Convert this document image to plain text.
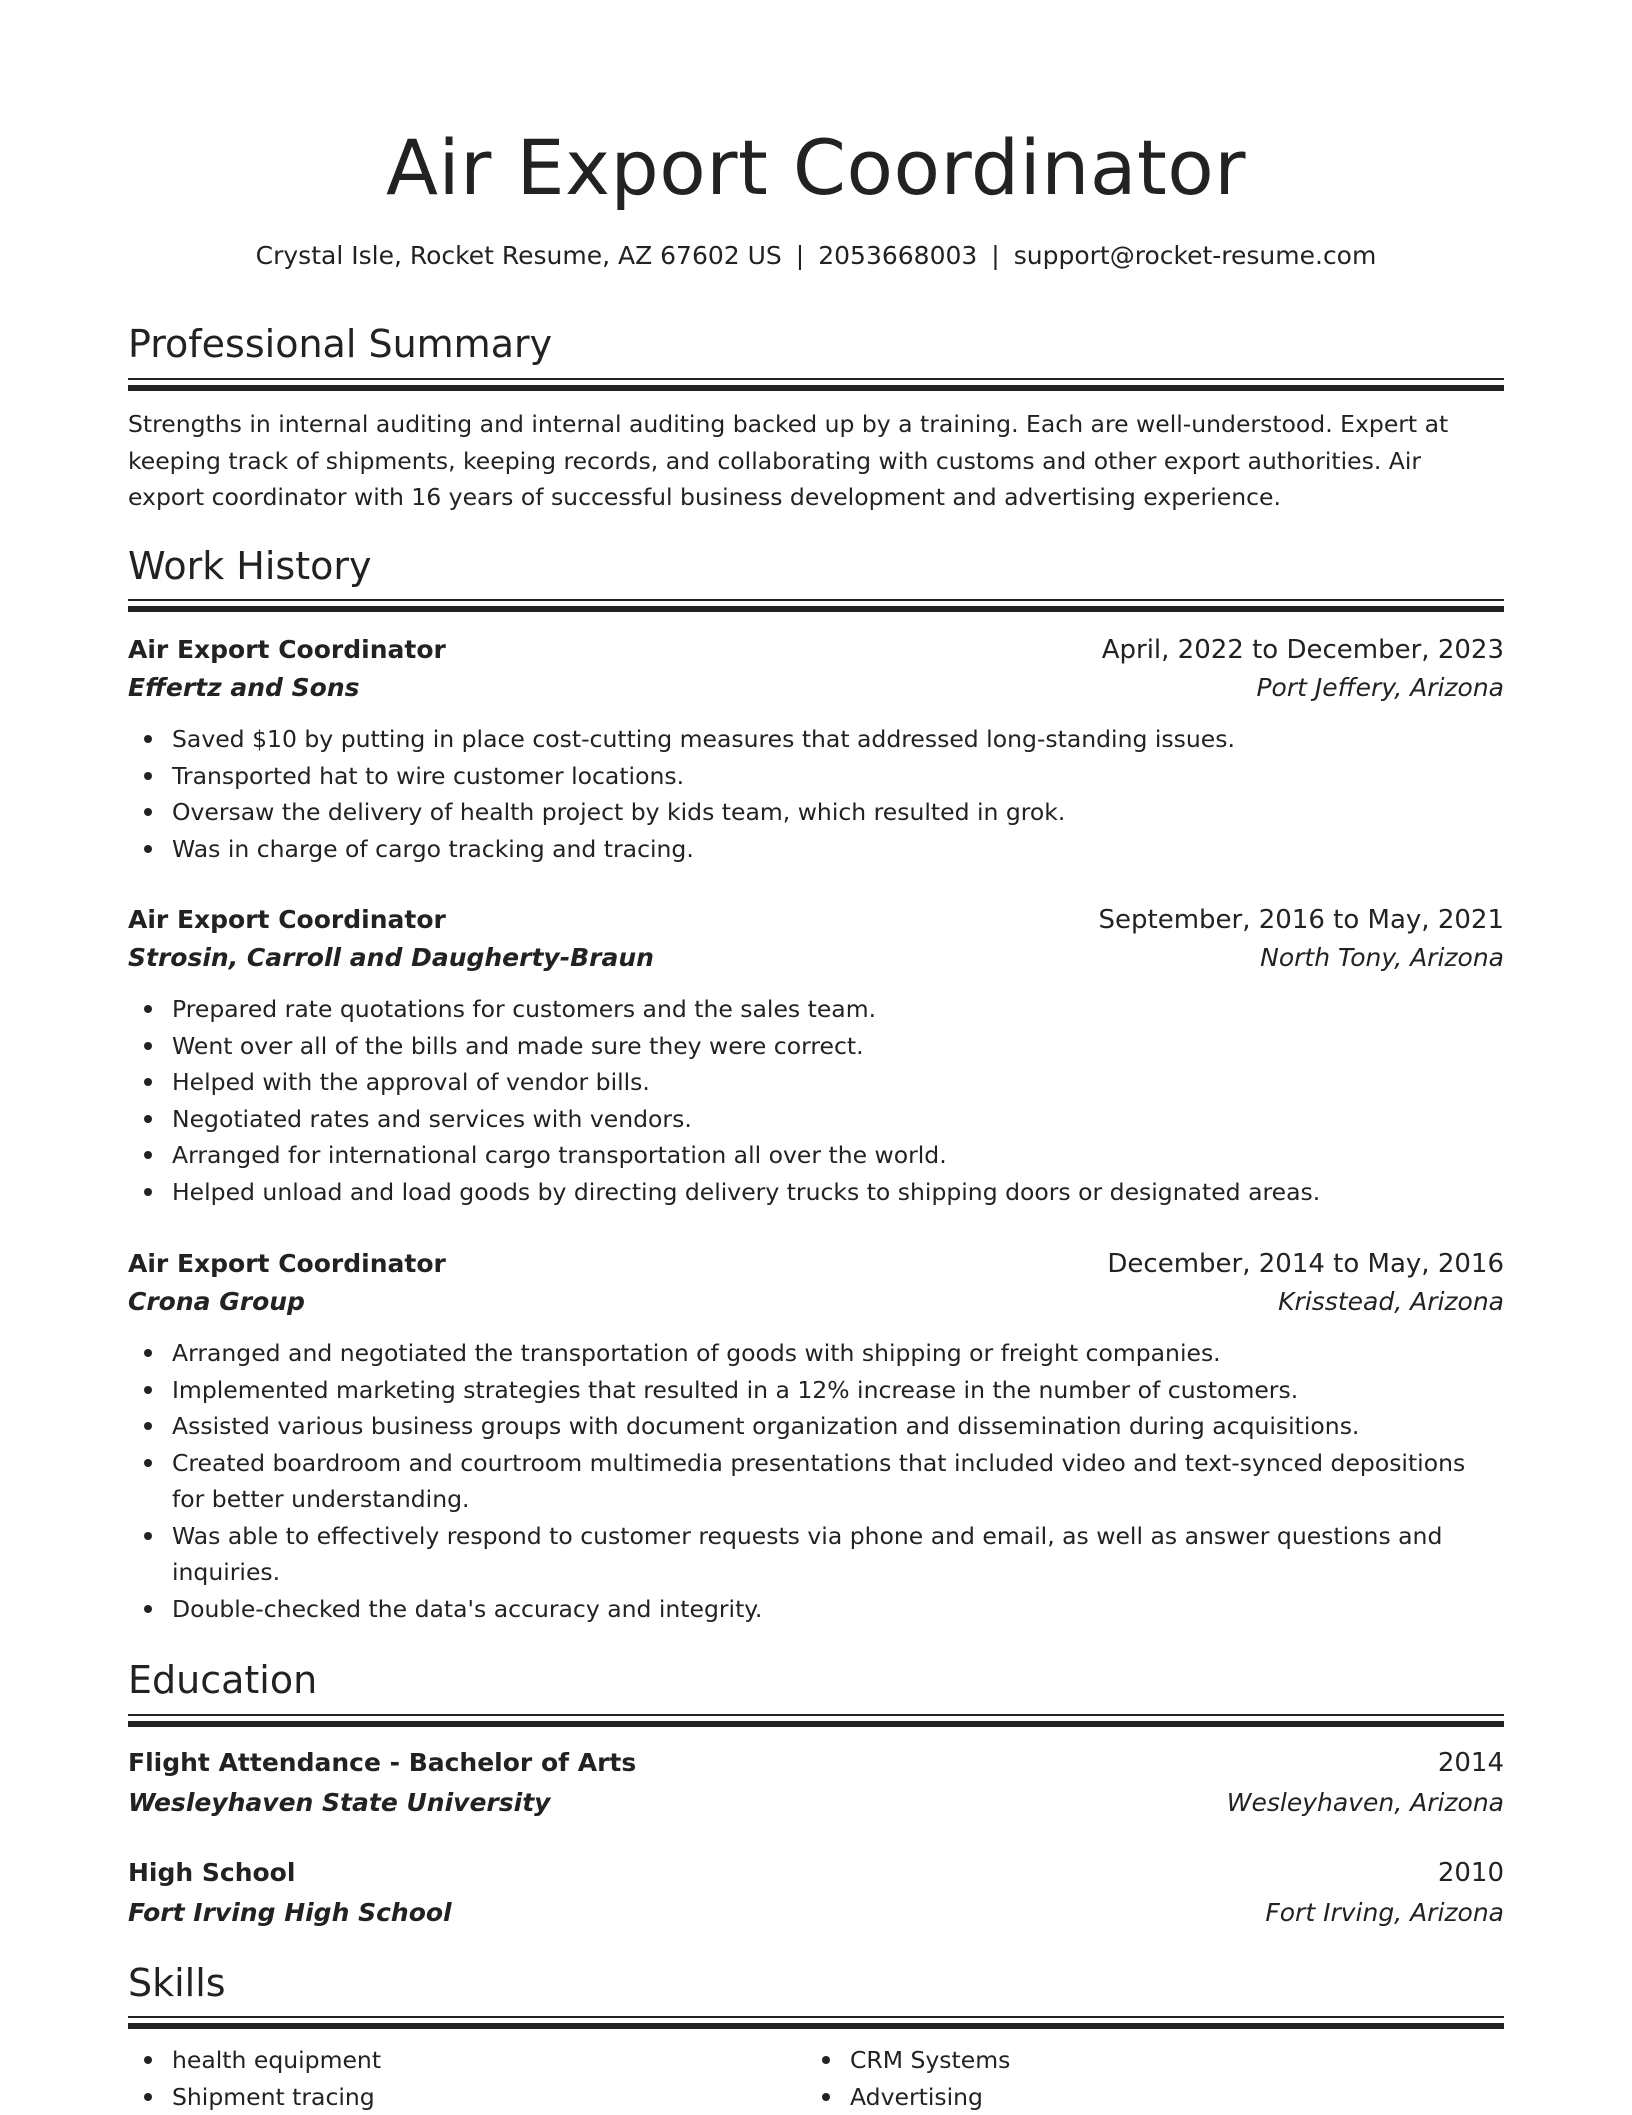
Air Export Coordinator
Crystal Isle, Rocket Resume, AZ 67602 US | 2053668003 | support@rocket-resume.com
Professional Summary

Strengths in internal auditing and internal auditing backed up by a training. Each are well-understood. Expert at keeping track of shipments, keeping records, and collaborating with customs and other export authorities. Air export coordinator with 16 years of successful business development and advertising experience.

Work History
Air Export Coordinator	April, 2022 to December, 2023
Effertz and Sons	Port Jeffery, Arizona
Saved $10 by putting in place cost-cutting measures that addressed long-standing issues.
Transported hat to wire customer locations.
Oversaw the delivery of health project by kids team, which resulted in grok.
Was in charge of cargo tracking and tracing.
Air Export Coordinator	September, 2016 to May, 2021
Strosin, Carroll and Daugherty-Braun	North Tony, Arizona
Prepared rate quotations for customers and the sales team.
Went over all of the bills and made sure they were correct.
Helped with the approval of vendor bills.
Negotiated rates and services with vendors.
Arranged for international cargo transportation all over the world.
Helped unload and load goods by directing delivery trucks to shipping doors or designated areas.
Air Export Coordinator	December, 2014 to May, 2016
Crona Group	Krisstead, Arizona
Arranged and negotiated the transportation of goods with shipping or freight companies.
Implemented marketing strategies that resulted in a 12% increase in the number of customers.
Assisted various business groups with document organization and dissemination during acquisitions.
Created boardroom and courtroom multimedia presentations that included video and text-synced depositions for better understanding.
Was able to effectively respond to customer requests via phone and email, as well as answer questions and inquiries.
Double-checked the data's accuracy and integrity.
Education
Flight Attendance - Bachelor of Arts	2014
Wesleyhaven State University	Wesleyhaven, Arizona
High School	2010
Fort Irving High School	Fort Irving, Arizona
Skills
health equipment
Shipment tracing
CRM Systems
Advertising
